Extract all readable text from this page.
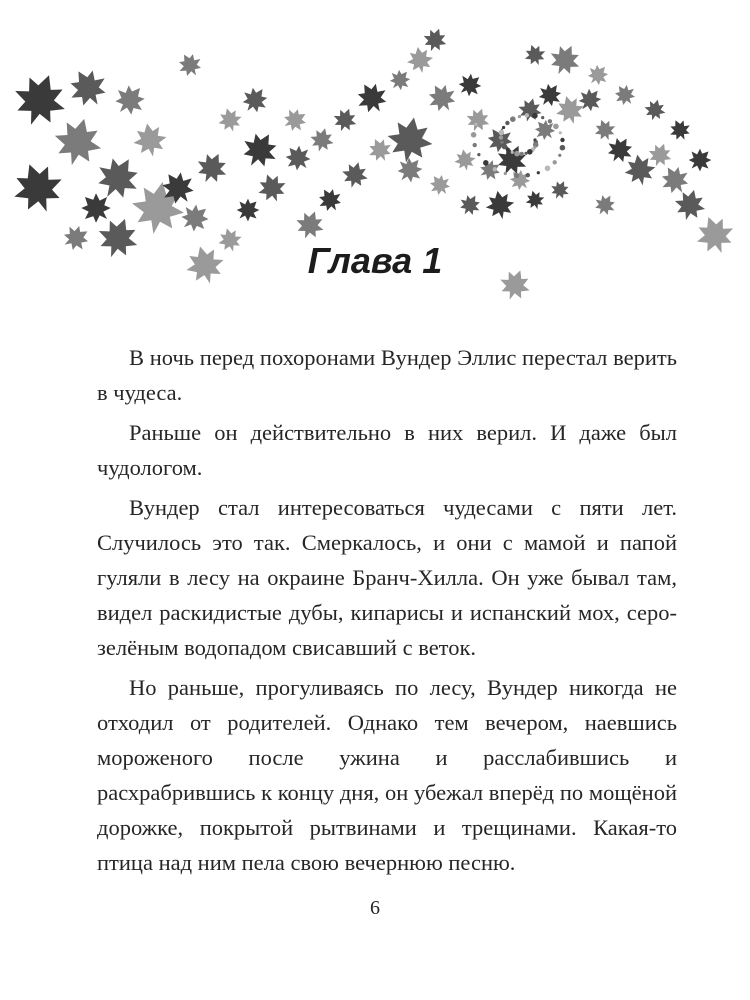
Глава 1

В ночь перед похоронами Вундер Эллис перестал верить в чудеса.

Раньше он действительно в них верил. И даже был чудологом.

Вундер стал интересоваться чудесами с пяти лет. Случилось это так. Смеркалось, и они с мамой и папой гуляли в лесу на окраине Бранч-Хилла. Он уже бывал там, видел раскидистые дубы, кипарисы и испанский мох, серо-зелёным водопадом свисавший с веток.

Но раньше, прогуливаясь по лесу, Вундер никогда не отходил от родителей. Однако тем вечером, наевшись мороженого после ужина и расслабившись и расхрабрившись к концу дня, он убежал вперёд по мощёной дорожке, покрытой рытвинами и трещинами. Какая-то птица над ним пела свою вечернюю песню.

6
